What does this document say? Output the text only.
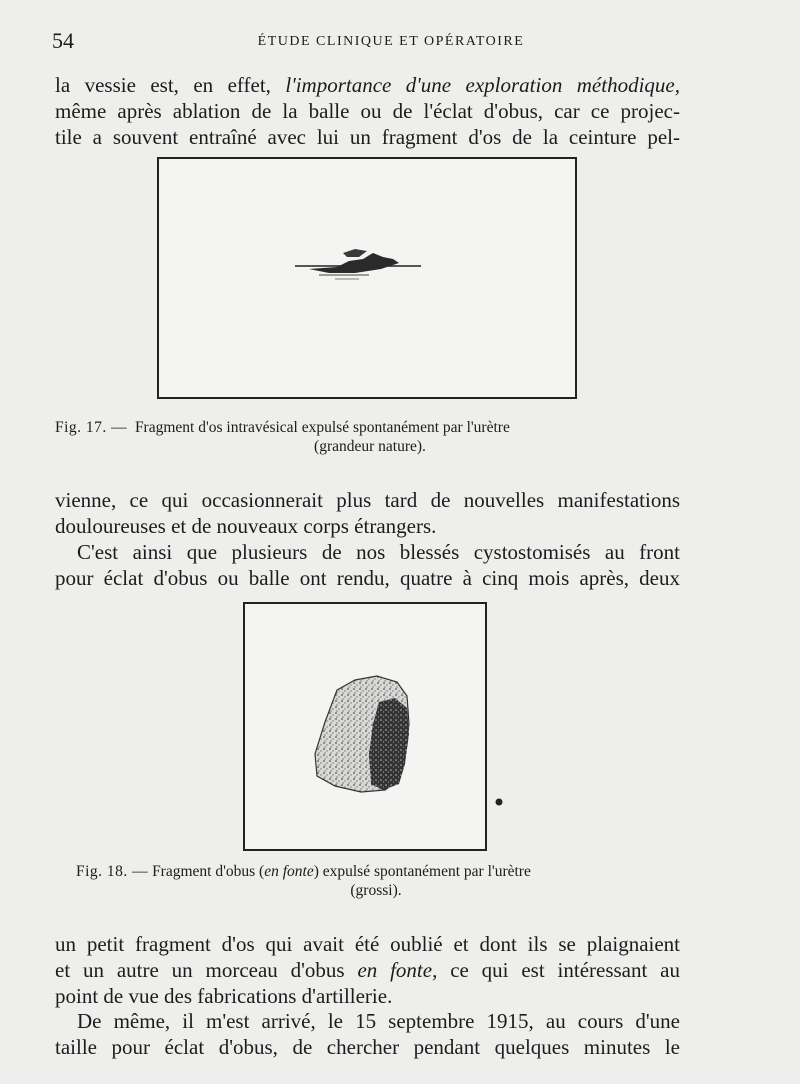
54	ÉTUDE CLINIQUE ET OPÉRATOIRE
la vessie est, en effet, l'importance d'une exploration méthodique,
même après ablation de la balle ou de l'éclat d'obus, car ce projec-
tile a souvent entraîné avec lui un fragment d'os de la ceinture pel-
Fig. 17. — Fragment d'os intravésical expulsé spontanément par l'urètre
(grandeur nature).
vienne, ce qui occasionnerait plus tard de nouvelles manifestations
douloureuses et de nouveaux corps étrangers.
C'est ainsi que plusieurs de nos blessés cystostomisés au front
pour éclat d'obus ou balle ont rendu, quatre à cinq mois après, deux
Fig. 18. — Fragment d'obus (en fonte) expulsé spontanément par l'urètre
(grossi).
un petit fragment d'os qui avait été oublié et dont ils se plaignaient
et un autre un morceau d'obus en fonte, ce qui est intéressant au
point de vue des fabrications d'artillerie.
De même, il m'est arrivé, le 15 septembre 1915, au cours d'une
taille pour éclat d'obus, de chercher pendant quelques minutes le
